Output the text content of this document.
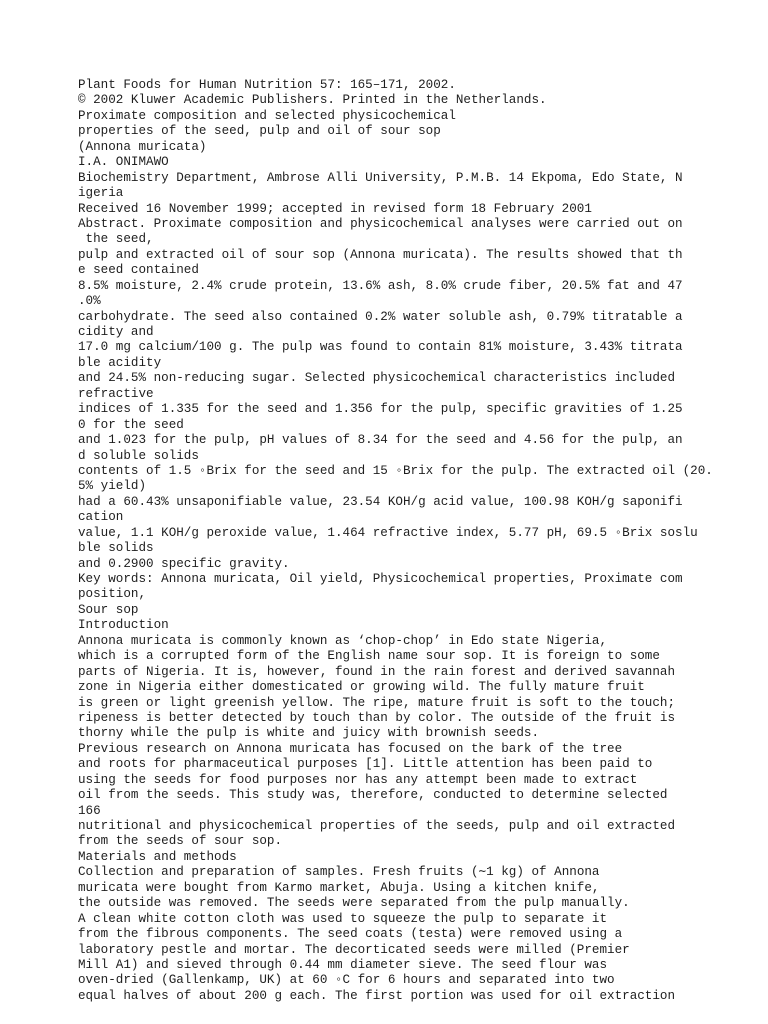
Plant Foods for Human Nutrition 57: 165–171, 2002.
© 2002 Kluwer Academic Publishers. Printed in the Netherlands.
Proximate composition and selected physicochemical
properties of the seed, pulp and oil of sour sop
(Annona muricata)
I.A. ONIMAWO
Biochemistry Department, Ambrose Alli University, P.M.B. 14 Ekpoma, Edo State, N
igeria
Received 16 November 1999; accepted in revised form 18 February 2001
Abstract. Proximate composition and physicochemical analyses were carried out on
the seed,
pulp and extracted oil of sour sop (Annona muricata). The results showed that th
e seed contained
8.5% moisture, 2.4% crude protein, 13.6% ash, 8.0% crude fiber, 20.5% fat and 47
.0%
carbohydrate. The seed also contained 0.2% water soluble ash, 0.79% titratable a
cidity and
17.0 mg calcium/100 g. The pulp was found to contain 81% moisture, 3.43% titrata
ble acidity
and 24.5% non-reducing sugar. Selected physicochemical characteristics included
refractive
indices of 1.335 for the seed and 1.356 for the pulp, specific gravities of 1.25
0 for the seed
and 1.023 for the pulp, pH values of 8.34 for the seed and 4.56 for the pulp, an
d soluble solids
contents of 1.5 ◦Brix for the seed and 15 ◦Brix for the pulp. The extracted oil (20.
5% yield)
had a 60.43% unsaponifiable value, 23.54 KOH/g acid value, 100.98 KOH/g saponifi
cation
value, 1.1 KOH/g peroxide value, 1.464 refractive index, 5.77 pH, 69.5 ◦Brix soslu
ble solids
and 0.2900 specific gravity.
Key words: Annona muricata, Oil yield, Physicochemical properties, Proximate com
position,
Sour sop
Introduction
Annona muricata is commonly known as ‘chop-chop’ in Edo state Nigeria,
which is a corrupted form of the English name sour sop. It is foreign to some
parts of Nigeria. It is, however, found in the rain forest and derived savannah
zone in Nigeria either domesticated or growing wild. The fully mature fruit
is green or light greenish yellow. The ripe, mature fruit is soft to the touch;
ripeness is better detected by touch than by color. The outside of the fruit is
thorny while the pulp is white and juicy with brownish seeds.
Previous research on Annona muricata has focused on the bark of the tree
and roots for pharmaceutical purposes [1]. Little attention has been paid to
using the seeds for food purposes nor has any attempt been made to extract
oil from the seeds. This study was, therefore, conducted to determine selected
166
nutritional and physicochemical properties of the seeds, pulp and oil extracted
from the seeds of sour sop.
Materials and methods
Collection and preparation of samples. Fresh fruits (∼1 kg) of Annona
muricata were bought from Karmo market, Abuja. Using a kitchen knife,
the outside was removed. The seeds were separated from the pulp manually.
A clean white cotton cloth was used to squeeze the pulp to separate it
from the fibrous components. The seed coats (testa) were removed using a
laboratory pestle and mortar. The decorticated seeds were milled (Premier
Mill A1) and sieved through 0.44 mm diameter sieve. The seed flour was
oven-dried (Gallenkamp, UK) at 60 ◦C for 6 hours and separated into two
equal halves of about 200 g each. The first portion was used for oil extraction
